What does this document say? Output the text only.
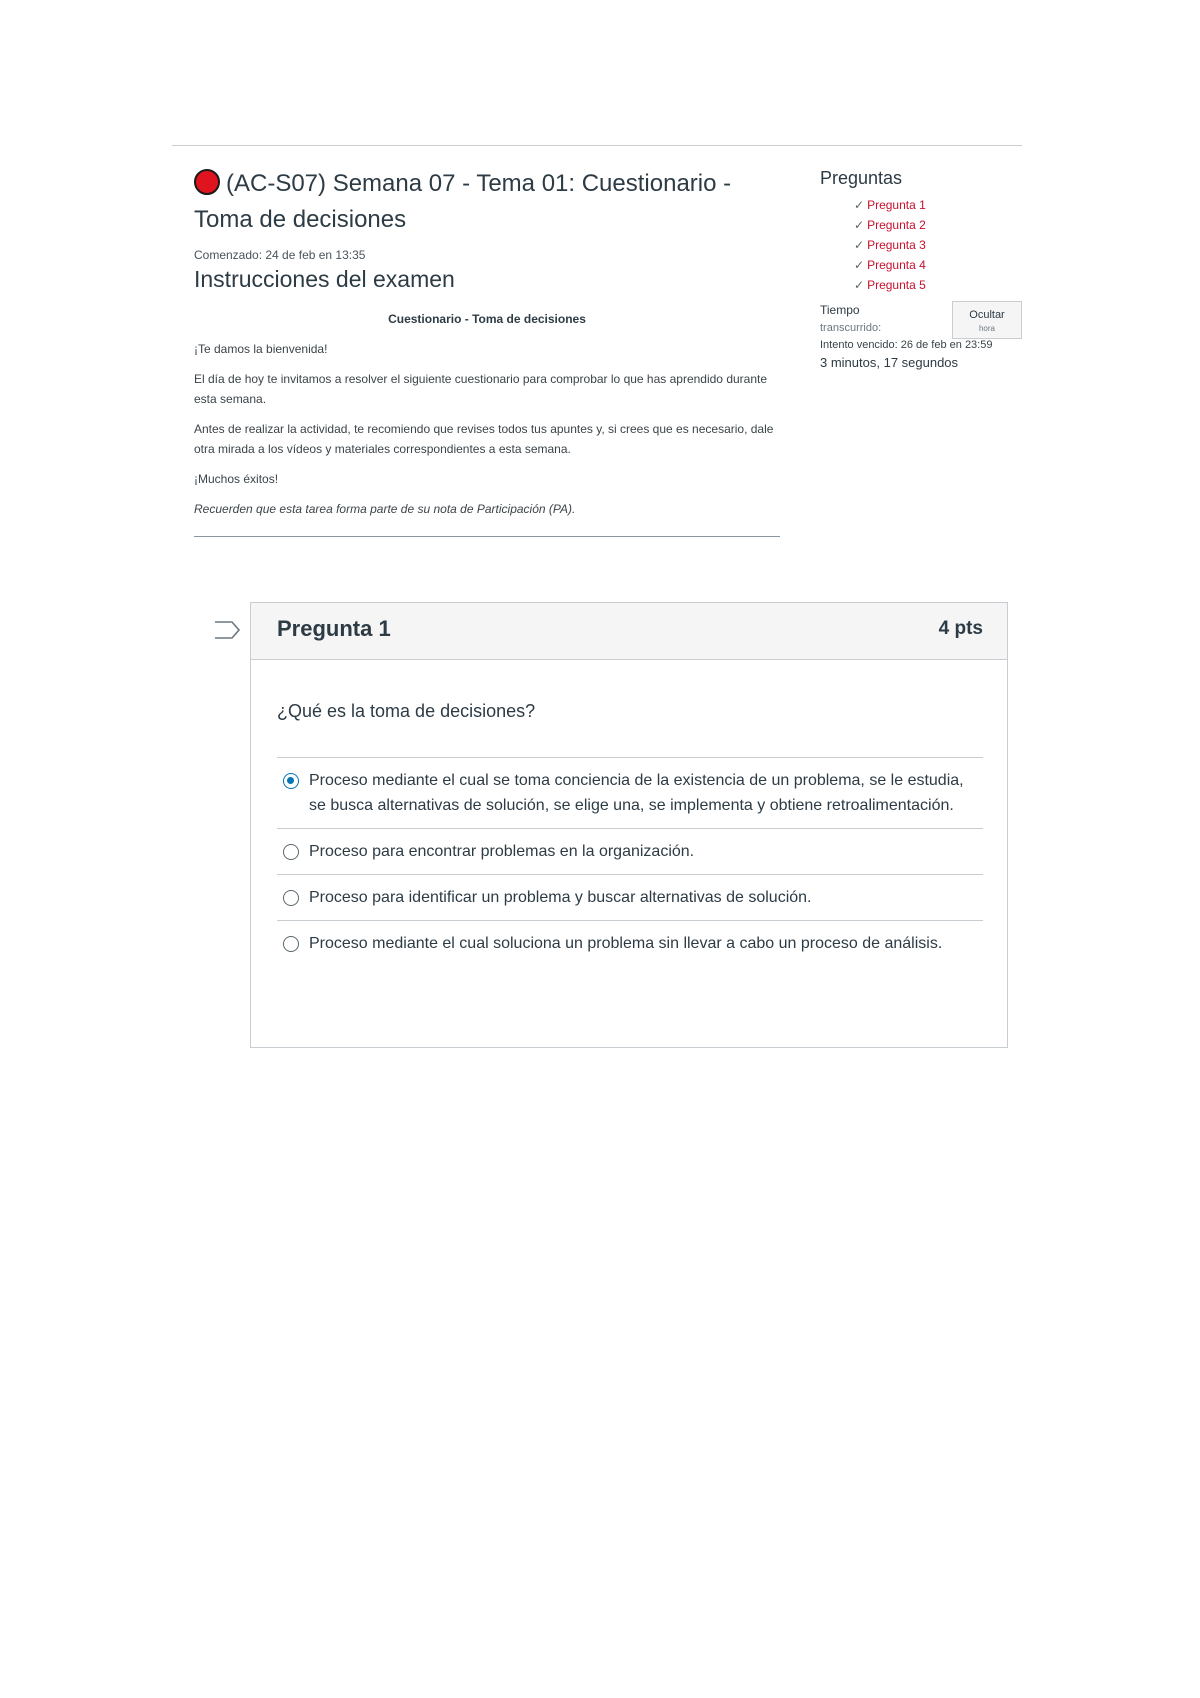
(AC-S07) Semana 07 - Tema 01: Cuestionario - Toma de decisiones
Comenzado: 24 de feb en 13:35
Instrucciones del examen

Cuestionario - Toma de decisiones

¡Te damos la bienvenida!

El día de hoy te invitamos a resolver el siguiente cuestionario para comprobar lo que has aprendido durante esta semana.

Antes de realizar la actividad, te recomiendo que revises todos tus apuntes y, si crees que es necesario, dale otra mirada a los vídeos y materiales correspondientes a esta semana.

¡Muchos éxitos!

Recuerden que esta tarea forma parte de su nota de Participación (PA).

Preguntas
✓ Pregunta 1
✓ Pregunta 2
✓ Pregunta 3
✓ Pregunta 4
✓ Pregunta 5
Tiempo
transcurrido:
Ocultar
hora
Intento vencido: 26 de feb en 23:59
3 minutos, 17 segundos
Pregunta 1	4 pts
¿Qué es la toma de decisiones?
Proceso mediante el cual se toma conciencia de la existencia de un problema, se le estudia, se busca alternativas de solución, se elige una, se implementa y obtiene retroalimentación.
Proceso para encontrar problemas en la organización.
Proceso para identificar un problema y buscar alternativas de solución.
Proceso mediante el cual soluciona un problema sin llevar a cabo un proceso de análisis.
